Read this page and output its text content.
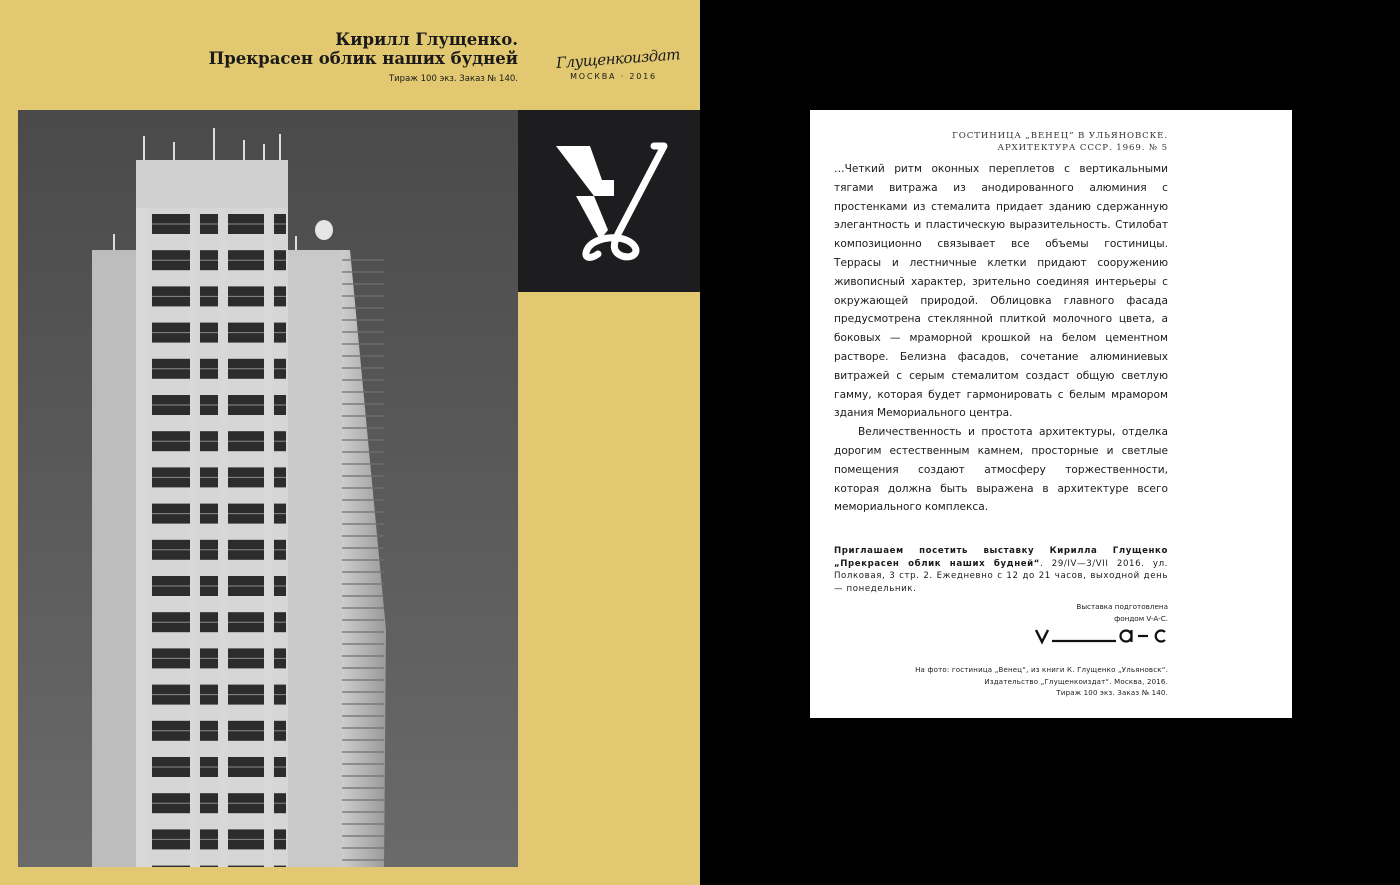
Кирилл Глущенко.
Прекрасен облик наших будней
Тираж 100 экз. Заказ № 140.
Глущенкоиздат
МОСКВА · 2016
ГОСТИНИЦА „ВЕНЕЦ“ В УЛЬЯНОВСКЕ.
АРХИТЕКТУРА СССР. 1969. № 5

…Четкий ритм оконных переплетов с вертикальными тягами витража из анодированного алюминия с простенками из стемалита придает зданию сдержанную элегантность и пластическую выразительность. Стилобат композиционно связывает все объемы гостиницы. Террасы и лестничные клетки придают сооружению живописный характер, зрительно соединяя интерьеры с окружающей природой. Облицовка главного фасада предусмотрена стеклянной плиткой молочного цвета, а боковых — мраморной крошкой на белом цементном растворе. Белизна фасадов, сочетание алюминиевых витражей с серым стемалитом создаст общую светлую гамму, которая будет гармонировать с белым мрамором здания Мемориального центра.

Величественность и простота архитектуры, отделка дорогим естественным камнем, просторные и светлые помещения создают атмосферу торжественности, которая должна быть выражена в архитектуре всего мемориального комплекса.

Приглашаем посетить выставку Кирилла Глущенко „Прекрасен облик наших будней“. 29/IV—3/VII 2016. ул. Полковая, 3 стр. 2. Ежедневно с 12 до 21 часов, выходной день — понедельник.
Выставка подготовлена
фондом V-A-C.
На фото: гостиница „Венец“, из книги К. Глущенко „Ульяновск“.
Издательство „Глущенкоиздат“. Москва, 2016.
Тираж 100 экз. Заказ № 140.
